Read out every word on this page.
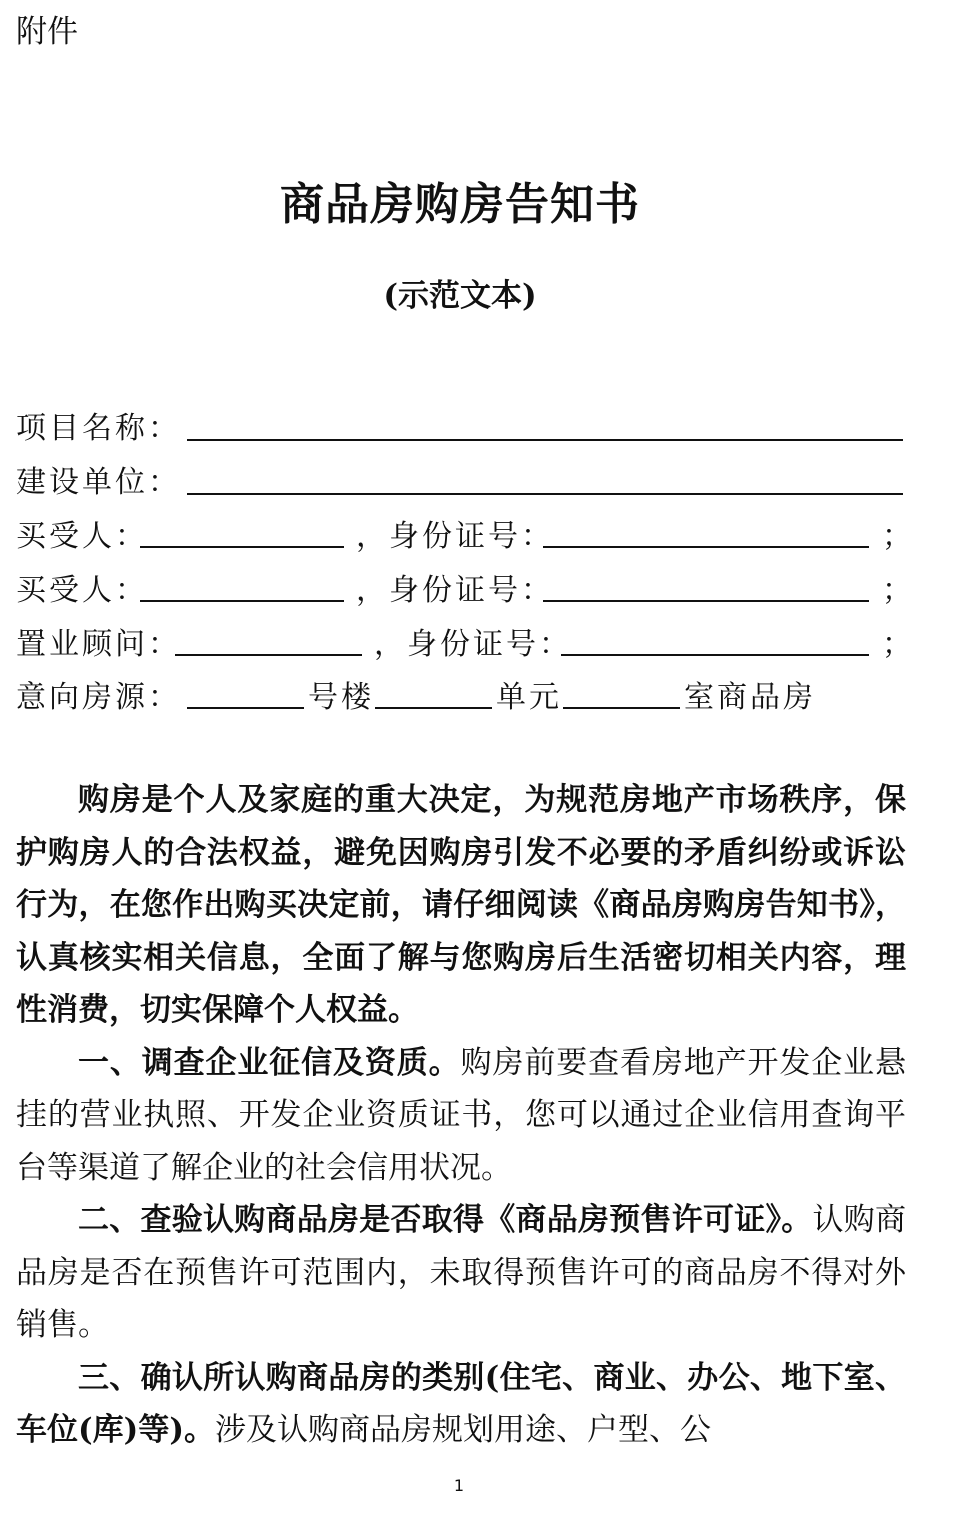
附件
商品房购房告知书
(示范文本)
项目名称：
建设单位：
买受人：	，身份证号：	；
买受人：	，身份证号：	；
置业顾问：	，身份证号：	；
意向房源：	号楼	单元	室商品房

购房是个人及家庭的重大决定，为规范房地产市场秩序，保护购房人的合法权益，避免因购房引发不必要的矛盾纠纷或诉讼行为，在您作出购买决定前，请仔细阅读《商品房购房告知书》，认真核实相关信息，全面了解与您购房后生活密切相关内容，理性消费，切实保障个人权益。

一、调查企业征信及资质。购房前要查看房地产开发企业悬挂的营业执照、开发企业资质证书，您可以通过企业信用查询平台等渠道了解企业的社会信用状况。

二、查验认购商品房是否取得《商品房预售许可证》。认购商品房是否在预售许可范围内，未取得预售许可的商品房不得对外销售。

三、确认所认购商品房的类别(住宅、商业、办公、地下室、车位(库)等)。涉及认购商品房规划用途、户型、公

1
